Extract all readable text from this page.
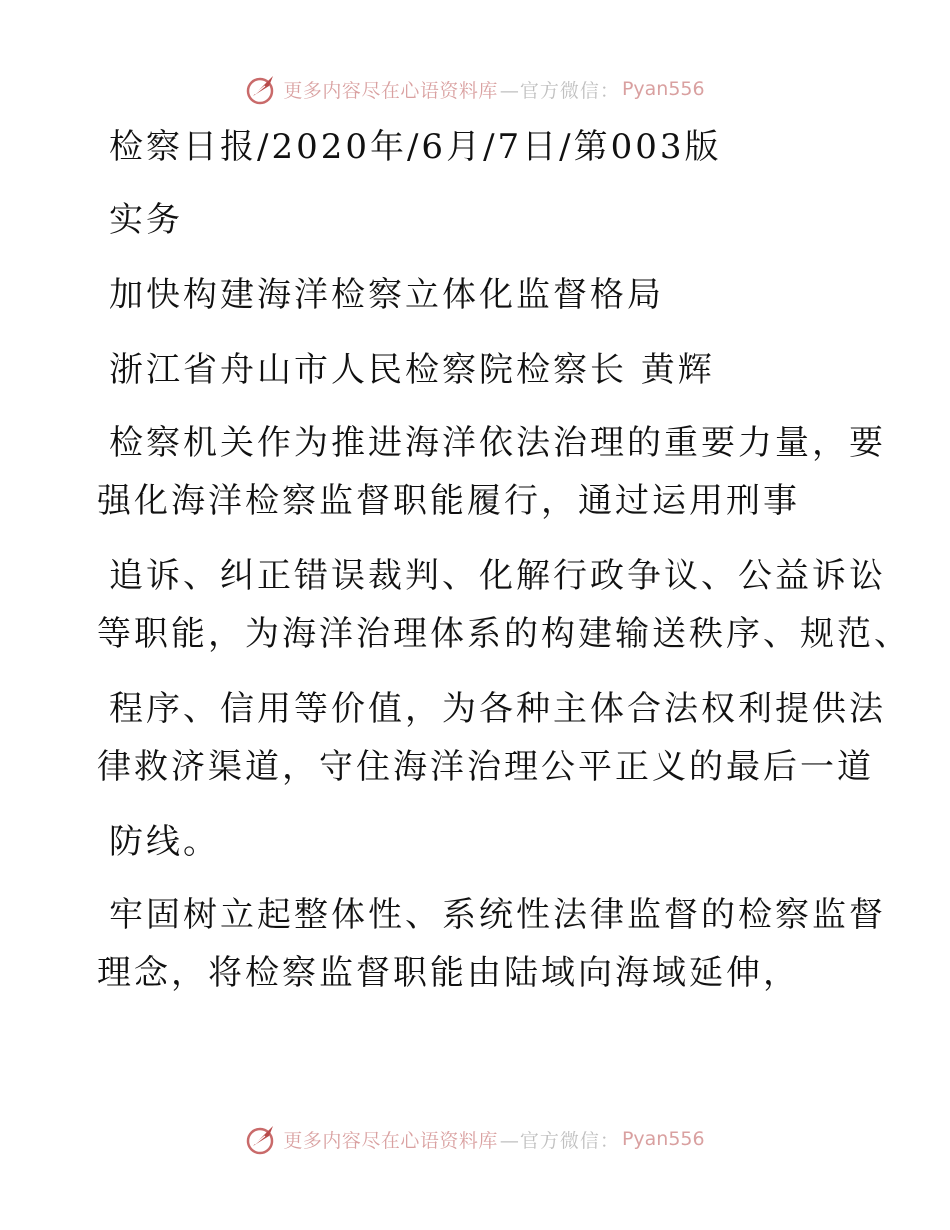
更多内容尽在心语资料库 —官方微信： Pyan556
检察日报/2020年/6月/7日/第003版
实务
加快构建海洋检察立体化监督格局
浙江省舟山市人民检察院检察长 黄辉
检察机关作为推进海洋依法治理的重要力量，要
强化海洋检察监督职能履行，通过运用刑事
追诉、纠正错误裁判、化解行政争议、公益诉讼
等职能，为海洋治理体系的构建输送秩序、规范、
程序、信用等价值，为各种主体合法权利提供法
律救济渠道，守住海洋治理公平正义的最后一道
防线。
牢固树立起整体性、系统性法律监督的检察监督
理念，将检察监督职能由陆域向海域延伸，
更多内容尽在心语资料库 —官方微信： Pyan556
